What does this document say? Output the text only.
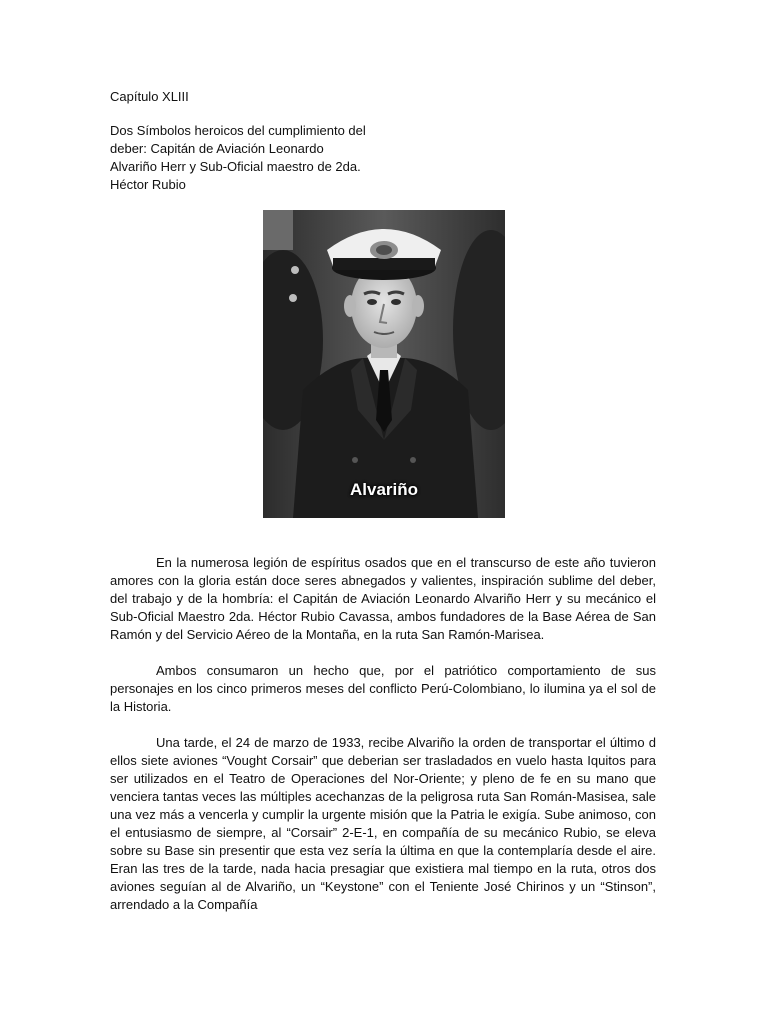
Capítulo XLIII

Dos Símbolos heroicos del cumplimiento del
deber: Capitán de Aviación Leonardo
Alvariño Herr y Sub-Oficial maestro de 2da.
Héctor Rubio

Alvariño

En la numerosa legión de espíritus osados que en el transcurso de este año tuvieron amores con la gloria están doce seres abnegados y valientes, inspiración sublime del deber, del trabajo y de la hombría: el Capitán de Aviación Leonardo Alvariño Herr y su mecánico el Sub-Oficial Maestro 2da. Héctor Rubio Cavassa, ambos fundadores de la Base Aérea de San Ramón y del Servicio Aéreo de la Montaña, en la ruta San Ramón-Marisea.

Ambos consumaron un hecho que, por el patriótico comportamiento de sus personajes en los cinco primeros meses del conflicto Perú-Colombiano, lo ilumina ya el sol de la Historia.

Una tarde, el 24 de marzo de 1933, recibe Alvariño la orden de transportar el último d ellos siete aviones “Vought Corsair” que deberian ser trasladados en vuelo hasta Iquitos para ser utilizados en el Teatro de Operaciones del Nor-Oriente; y pleno de fe en su mano que venciera tantas veces las múltiples acechanzas de la peligrosa ruta San Román-Masisea, sale una vez más a vencerla y cumplir la urgente misión que la Patria le exigía. Sube animoso, con el entusiasmo de siempre, al “Corsair” 2-E-1, en compañía de su mecánico Rubio, se eleva sobre su Base sin presentir que esta vez sería la última en que la contemplaría desde el aire. Eran las tres de la tarde, nada hacia presagiar que existiera mal tiempo en la ruta, otros dos aviones seguían al de Alvariño, un “Keystone” con el Teniente José Chirinos y un “Stinson”, arrendado a la Compañía
